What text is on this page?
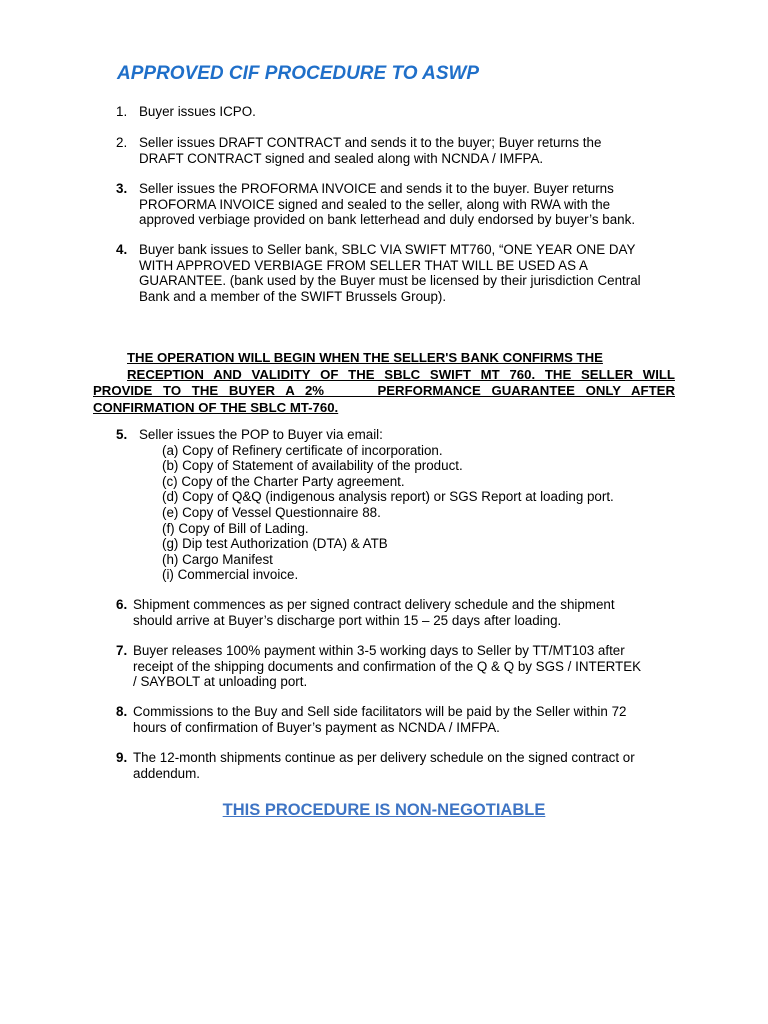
APPROVED CIF PROCEDURE TO ASWP
1. Buyer issues ICPO.
2. Seller issues DRAFT CONTRACT and sends it to the buyer; Buyer returns the
DRAFT CONTRACT signed and sealed along with NCNDA / IMFPA.
3. Seller issues the PROFORMA INVOICE and sends it to the buyer. Buyer returns
PROFORMA INVOICE signed and sealed to the seller, along with RWA with the
approved verbiage provided on bank letterhead and duly endorsed by buyer’s bank.
4. Buyer bank issues to Seller bank, SBLC VIA SWIFT MT760, “ONE YEAR ONE DAY
WITH APPROVED VERBIAGE FROM SELLER THAT WILL BE USED AS A
GUARANTEE. (bank used by the Buyer must be licensed by their jurisdiction Central
Bank and a member of the SWIFT Brussels Group).
THE OPERATION WILL BEGIN WHEN THE SELLER'S BANK CONFIRMS THE
RECEPTION AND VALIDITY OF THE SBLC SWIFT MT 760. THE SELLER WILL
PROVIDE TO THE BUYER A 2%     PERFORMANCE GUARANTEE ONLY AFTER
CONFIRMATION OF THE SBLC MT-760.
5. Seller issues the POP to Buyer via email:
(a) Copy of Refinery certificate of incorporation.
(b) Copy of Statement of availability of the product.
(c) Copy of the Charter Party agreement.
(d) Copy of Q&Q (indigenous analysis report) or SGS Report at loading port.
(e) Copy of Vessel Questionnaire 88.
(f) Copy of Bill of Lading.
(g) Dip test Authorization (DTA) & ATB
(h) Cargo Manifest
(i) Commercial invoice.
6. Shipment commences as per signed contract delivery schedule and the shipment
should arrive at Buyer’s discharge port within 15 – 25 days after loading.
7. Buyer releases 100% payment within 3-5 working days to Seller by TT/MT103 after
receipt of the shipping documents and confirmation of the Q & Q by SGS / INTERTEK
/ SAYBOLT at unloading port.
8. Commissions to the Buy and Sell side facilitators will be paid by the Seller within 72
hours of confirmation of Buyer’s payment as NCNDA / IMFPA.
9. The 12-month shipments continue as per delivery schedule on the signed contract or
addendum.
THIS PROCEDURE IS NON-NEGOTIABLE
